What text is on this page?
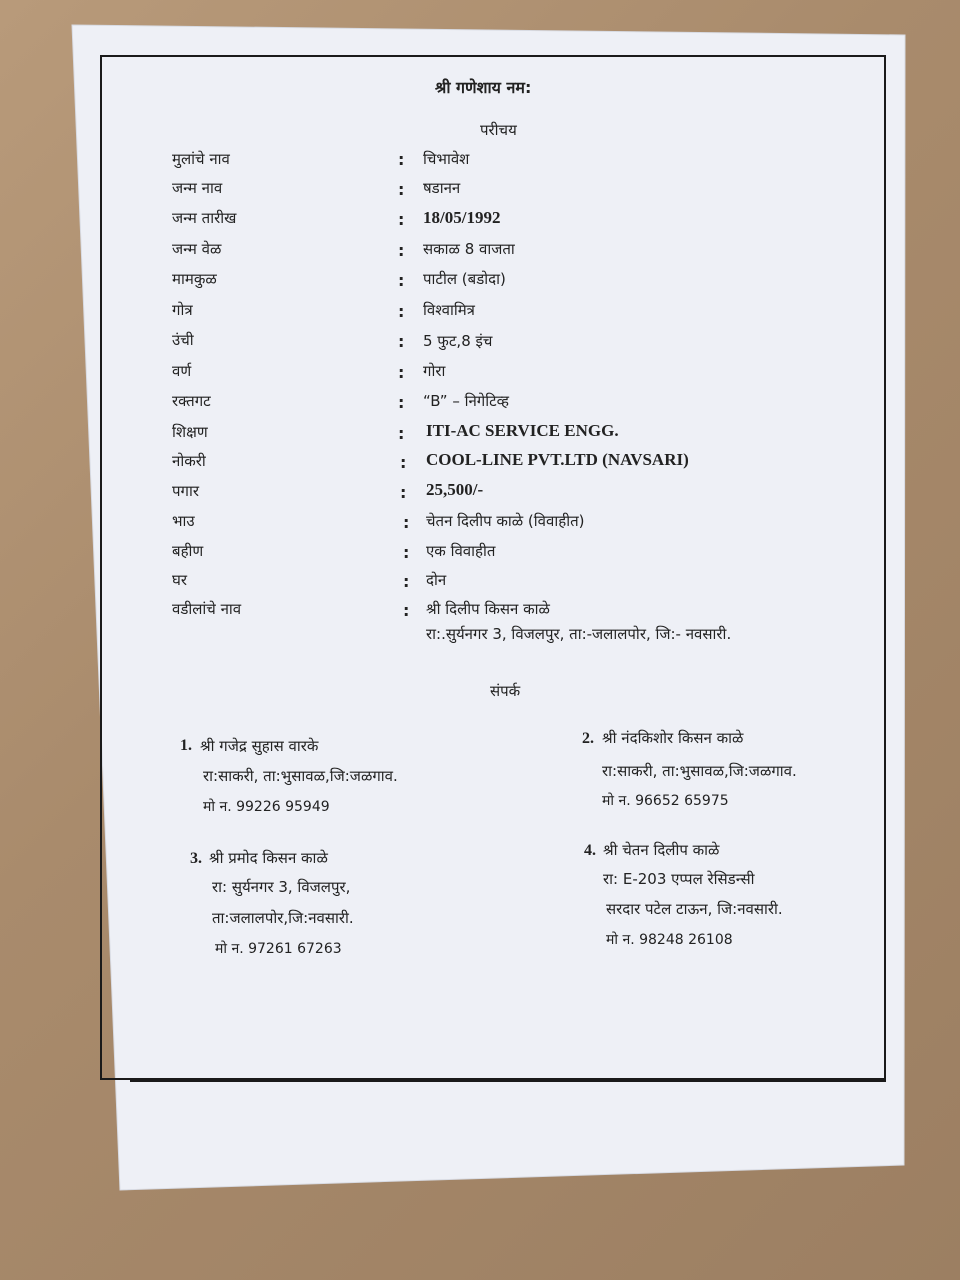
श्री गणेशाय नम:
परीचय
मुलांचे नाव	: चिभावेश
जन्म नाव	: षडानन
जन्म तारीख	: 18/05/1992
जन्म वेळ	: सकाळ 8 वाजता
मामकुळ	: पाटील (बडोदा)
गोत्र	: विश्वामित्र
उंची	: 5 फुट,8 इंच
वर्ण	: गोरा
रक्तगट	: “B” – निगेटिव्ह
शिक्षण	: ITI-AC SERVICE ENGG.
नोकरी	: COOL-LINE PVT.LTD (NAVSARI)
पगार	: 25,500/-
भाउ	: चेतन दिलीप काळे (विवाहीत)
बहीण	: एक विवाहीत
घर	: दोन
वडीलांचे नाव	: श्री दिलीप किसन काळे
रा:.सुर्यनगर 3, विजलपुर, ता:-जलालपोर, जि:- नवसारी.
संपर्क
1. श्री गजेद्र सुहास वारके
रा:साकरी, ता:भुसावळ,जि:जळगाव.
मो न. 99226 95949
2. श्री नंदकिशोर किसन काळे
रा:साकरी, ता:भुसावळ,जि:जळगाव.
मो न. 96652 65975
3. श्री प्रमोद किसन काळे
रा: सुर्यनगर 3, विजलपुर,
ता:जलालपोर,जि:नवसारी.
मो न. 97261 67263
4. श्री चेतन दिलीप काळे
रा: E-203 एप्पल रेसिडन्सी
सरदार पटेल टाऊन, जि:नवसारी.
मो न. 98248 26108
